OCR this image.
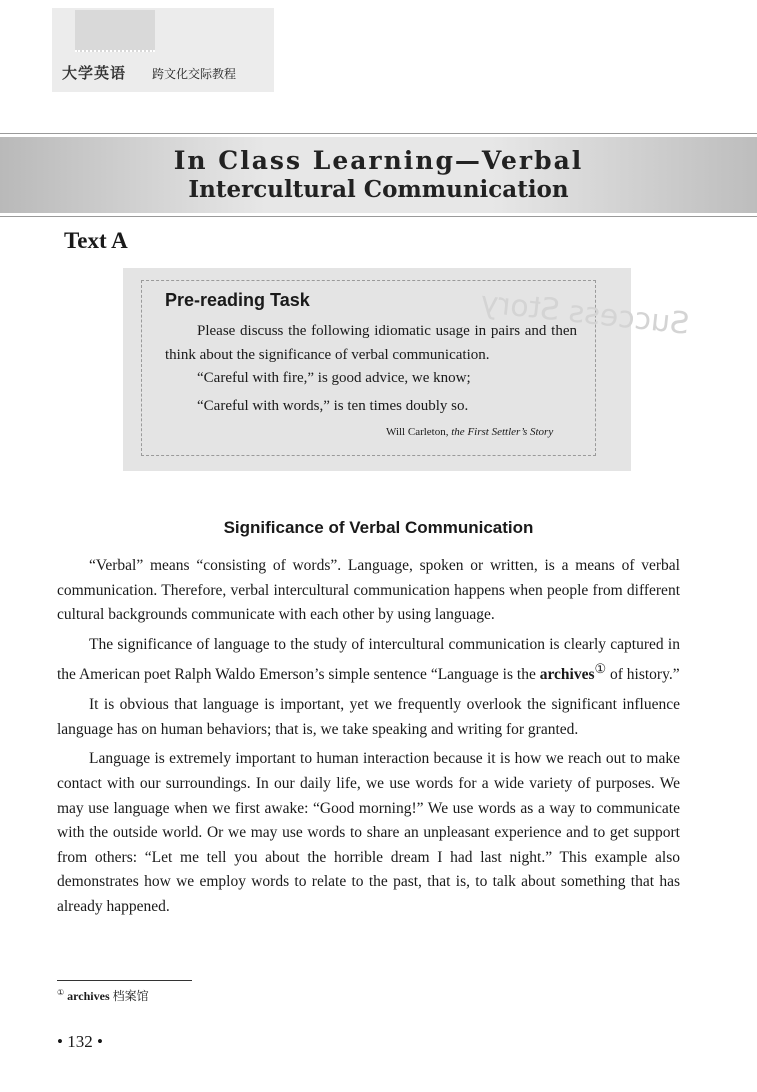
大学英语 跨文化交际教程
In Class Learning—Verbal
Intercultural Communication
Text A
Success Story
Pre-reading Task
Please discuss the following idiomatic usage in pairs and then think about the significance of verbal communication.
“Careful with fire,” is good advice, we know;
“Careful with words,” is ten times doubly so.
Will Carleton, the First Settler’s Story
Significance of Verbal Communication

“Verbal” means “consisting of words”. Language, spoken or written, is a means of verbal communication. Therefore, verbal intercultural communication happens when people from different cultural backgrounds communicate with each other by using language.

The significance of language to the study of intercultural communication is clearly captured in the American poet Ralph Waldo Emerson’s simple sentence “Language is the archives① of history.”

It is obvious that language is important, yet we frequently overlook the significant influence language has on human behaviors; that is, we take speaking and writing for granted.

Language is extremely important to human interaction because it is how we reach out to make contact with our surroundings. In our daily life, we use words for a wide variety of purposes. We may use language when we first awake: “Good morning!” We use words as a way to communicate with the outside world. Or we may use words to share an unpleasant experience and to get support from others: “Let me tell you about the horrible dream I had last night.” This example also demonstrates how we employ words to relate to the past, that is, to talk about something that has already happened.

① archives 档案馆
• 132 •
